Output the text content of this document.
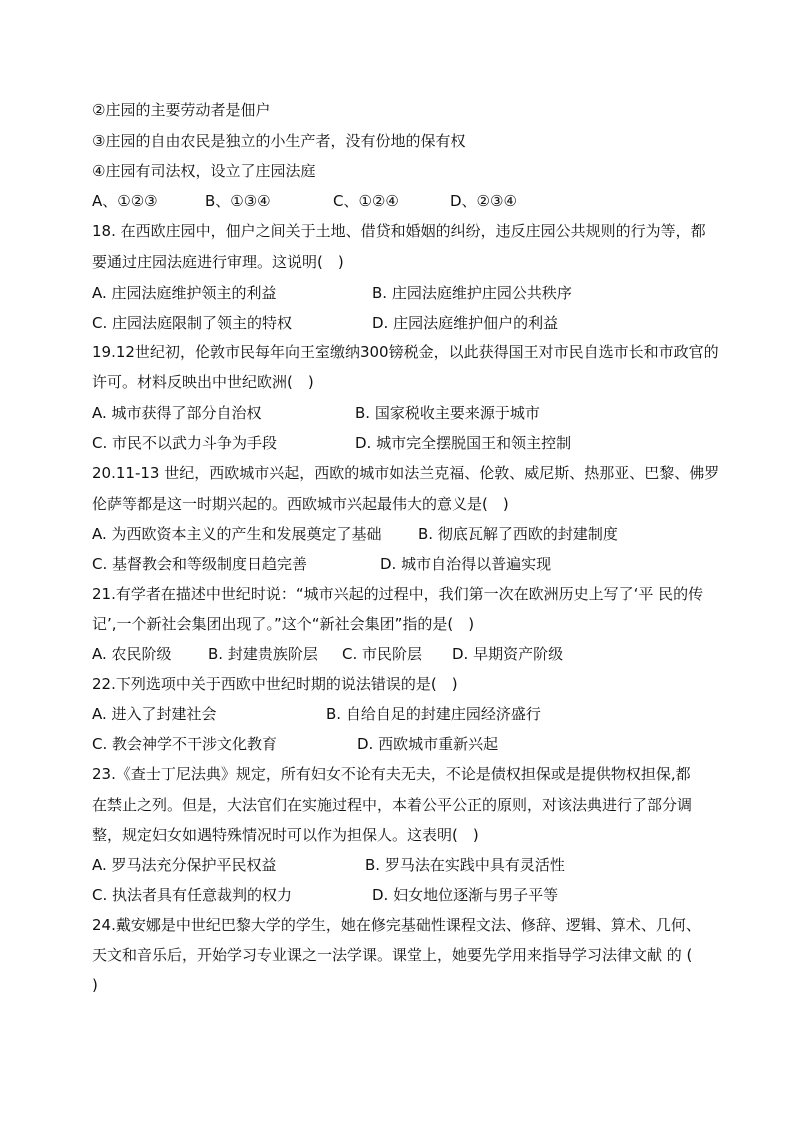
②庄园的主要劳动者是佃户
③庄园的自由农民是独立的小生产者，没有份地的保有权
④庄园有司法权，设立了庄园法庭
A、①②③	B、①③④	C、①②④	D、②③④
18. 在西欧庄园中，佃户之间关于土地、借贷和婚姻的纠纷，违反庄园公共规则的行为等，都
要通过庄园法庭进行审理。这说明(　)
A. 庄园法庭维护领主的利益	B. 庄园法庭维护庄园公共秩序
C. 庄园法庭限制了领主的特权	D. 庄园法庭维护佃户的利益
19.12世纪初，伦敦市民每年向王室缴纳300镑税金，以此获得国王对市民自选市长和市政官的
许可。材料反映出中世纪欧洲(　)
A. 城市获得了部分自治权	B. 国家税收主要来源于城市
C. 市民不以武力斗争为手段	D. 城市完全摆脱国王和领主控制
20.11-13 世纪，西欧城市兴起，西欧的城市如法兰克福、伦敦、威尼斯、热那亚、巴黎、佛罗
伦萨等都是这一时期兴起的。西欧城市兴起最伟大的意义是(　)
A. 为西欧资本主义的产生和发展奠定了基础 B. 彻底瓦解了西欧的封建制度
C. 基督教会和等级制度日趋完善	D. 城市自治得以普遍实现
21.有学者在描述中世纪时说：“城市兴起的过程中，我们第一次在欧洲历史上写了‘平 民的传
记’,一个新社会集团出现了。”这个“新社会集团”指的是(　)
A. 农民阶级 B. 封建贵族阶层 C. 市民阶层 D. 早期资产阶级
22.下列选项中关于西欧中世纪时期的说法错误的是(　)
A. 进入了封建社会	B. 自给自足的封建庄园经济盛行
C. 教会神学不干涉文化教育	D. 西欧城市重新兴起
23.《查士丁尼法典》规定，所有妇女不论有夫无夫，不论是债权担保或是提供物权担保,都
在禁止之列。但是，大法官们在实施过程中，本着公平公正的原则，对该法典进行了部分调
整，规定妇女如遇特殊情况时可以作为担保人。这表明(　)
A. 罗马法充分保护平民权益	B. 罗马法在实践中具有灵活性
C. 执法者具有任意裁判的权力	D. 妇女地位逐渐与男子平等
24.戴安娜是中世纪巴黎大学的学生，她在修完基础性课程文法、修辞、逻辑、算术、几何、
天文和音乐后，开始学习专业课之一法学课。课堂上，她要先学用来指导学习法律文献 的 (
)
